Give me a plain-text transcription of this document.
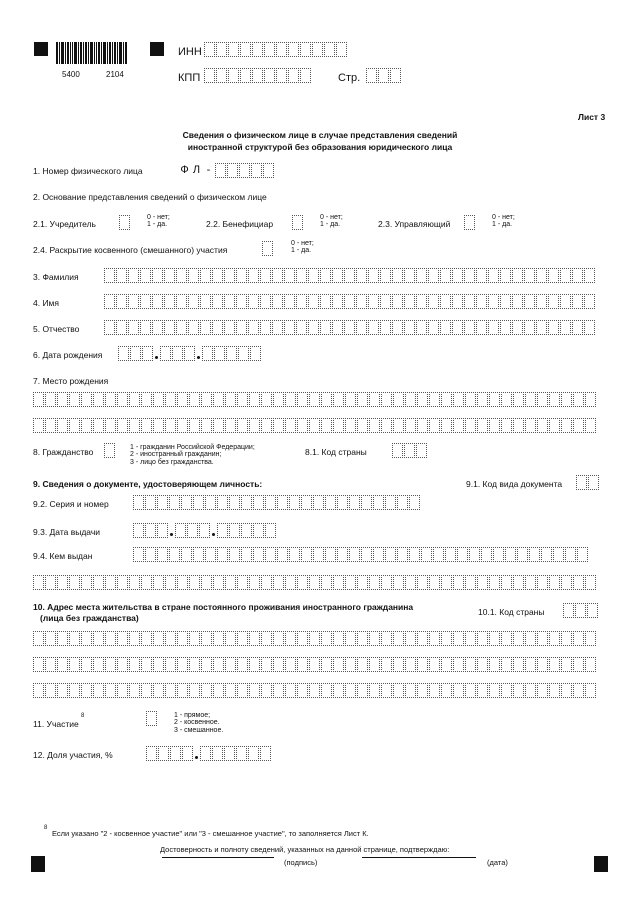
5400	2104
ИНН
КПП	Стр.
Лист 3
Сведения о физическом лице в случае представления сведений
иностранной структурой без образования юридического лица
1. Номер физического лица	Ф Л -
2. Основание представления сведений о физическом лице
2.1. Учредитель
0 - нет;
1 - да.	2.2. Бенефициар
0 - нет;
1 - да.	2.3. Управляющий
0 - нет;
1 - да.
2.4. Раскрытие косвенного (смешанного) участия
0 - нет;
1 - да.
3. Фамилия
4. Имя
5. Отчество
6. Дата рождения
7. Место рождения
8. Гражданство	1 - гражданин Российской Федерации;
2 - иностранный гражданин;
3 - лицо без гражданства.
8.1. Код страны
9. Сведения о документе, удостоверяющем личность:	9.1. Код вида документа
9.2. Серия и номер
9.3. Дата выдачи
9.4. Кем выдан
10. Адрес места жительства в стране постоянного проживания иностранного гражданина
(лица без гражданства)
10.1. Код страны
11. Участие
8	1 - прямое;
2 - косвенное.
3 - смешанное.
12. Доля участия, %
8
Если указано "2 - косвенное участие" или "3 - смешанное участие", то заполняется Лист К.
Достоверность и полноту сведений, указанных на данной странице, подтверждаю:
(подпись)	(дата)
